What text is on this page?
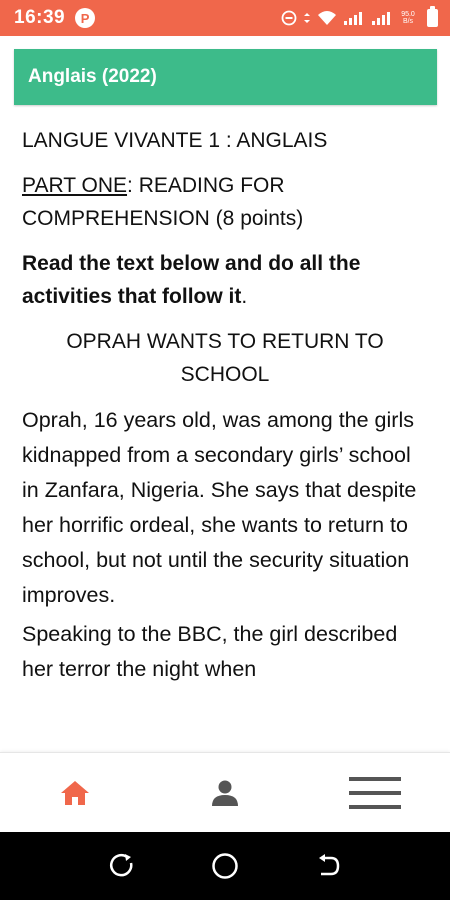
16:39	P	95.0
B/s
Anglais (2022)

LANGUE VIVANTE 1 : ANGLAIS

PART ONE: READING FOR COMPREHENSION (8 points)

Read the text below and do all the activities that follow it.

OPRAH WANTS TO RETURN TO SCHOOL

Oprah, 16 years old, was among the girls kidnapped from a secondary girls’ school in Zanfara, Nigeria. She says that despite her horrific ordeal, she wants to return to school, but not until the security situation improves.

Speaking to the BBC, the girl described her terror the night when
